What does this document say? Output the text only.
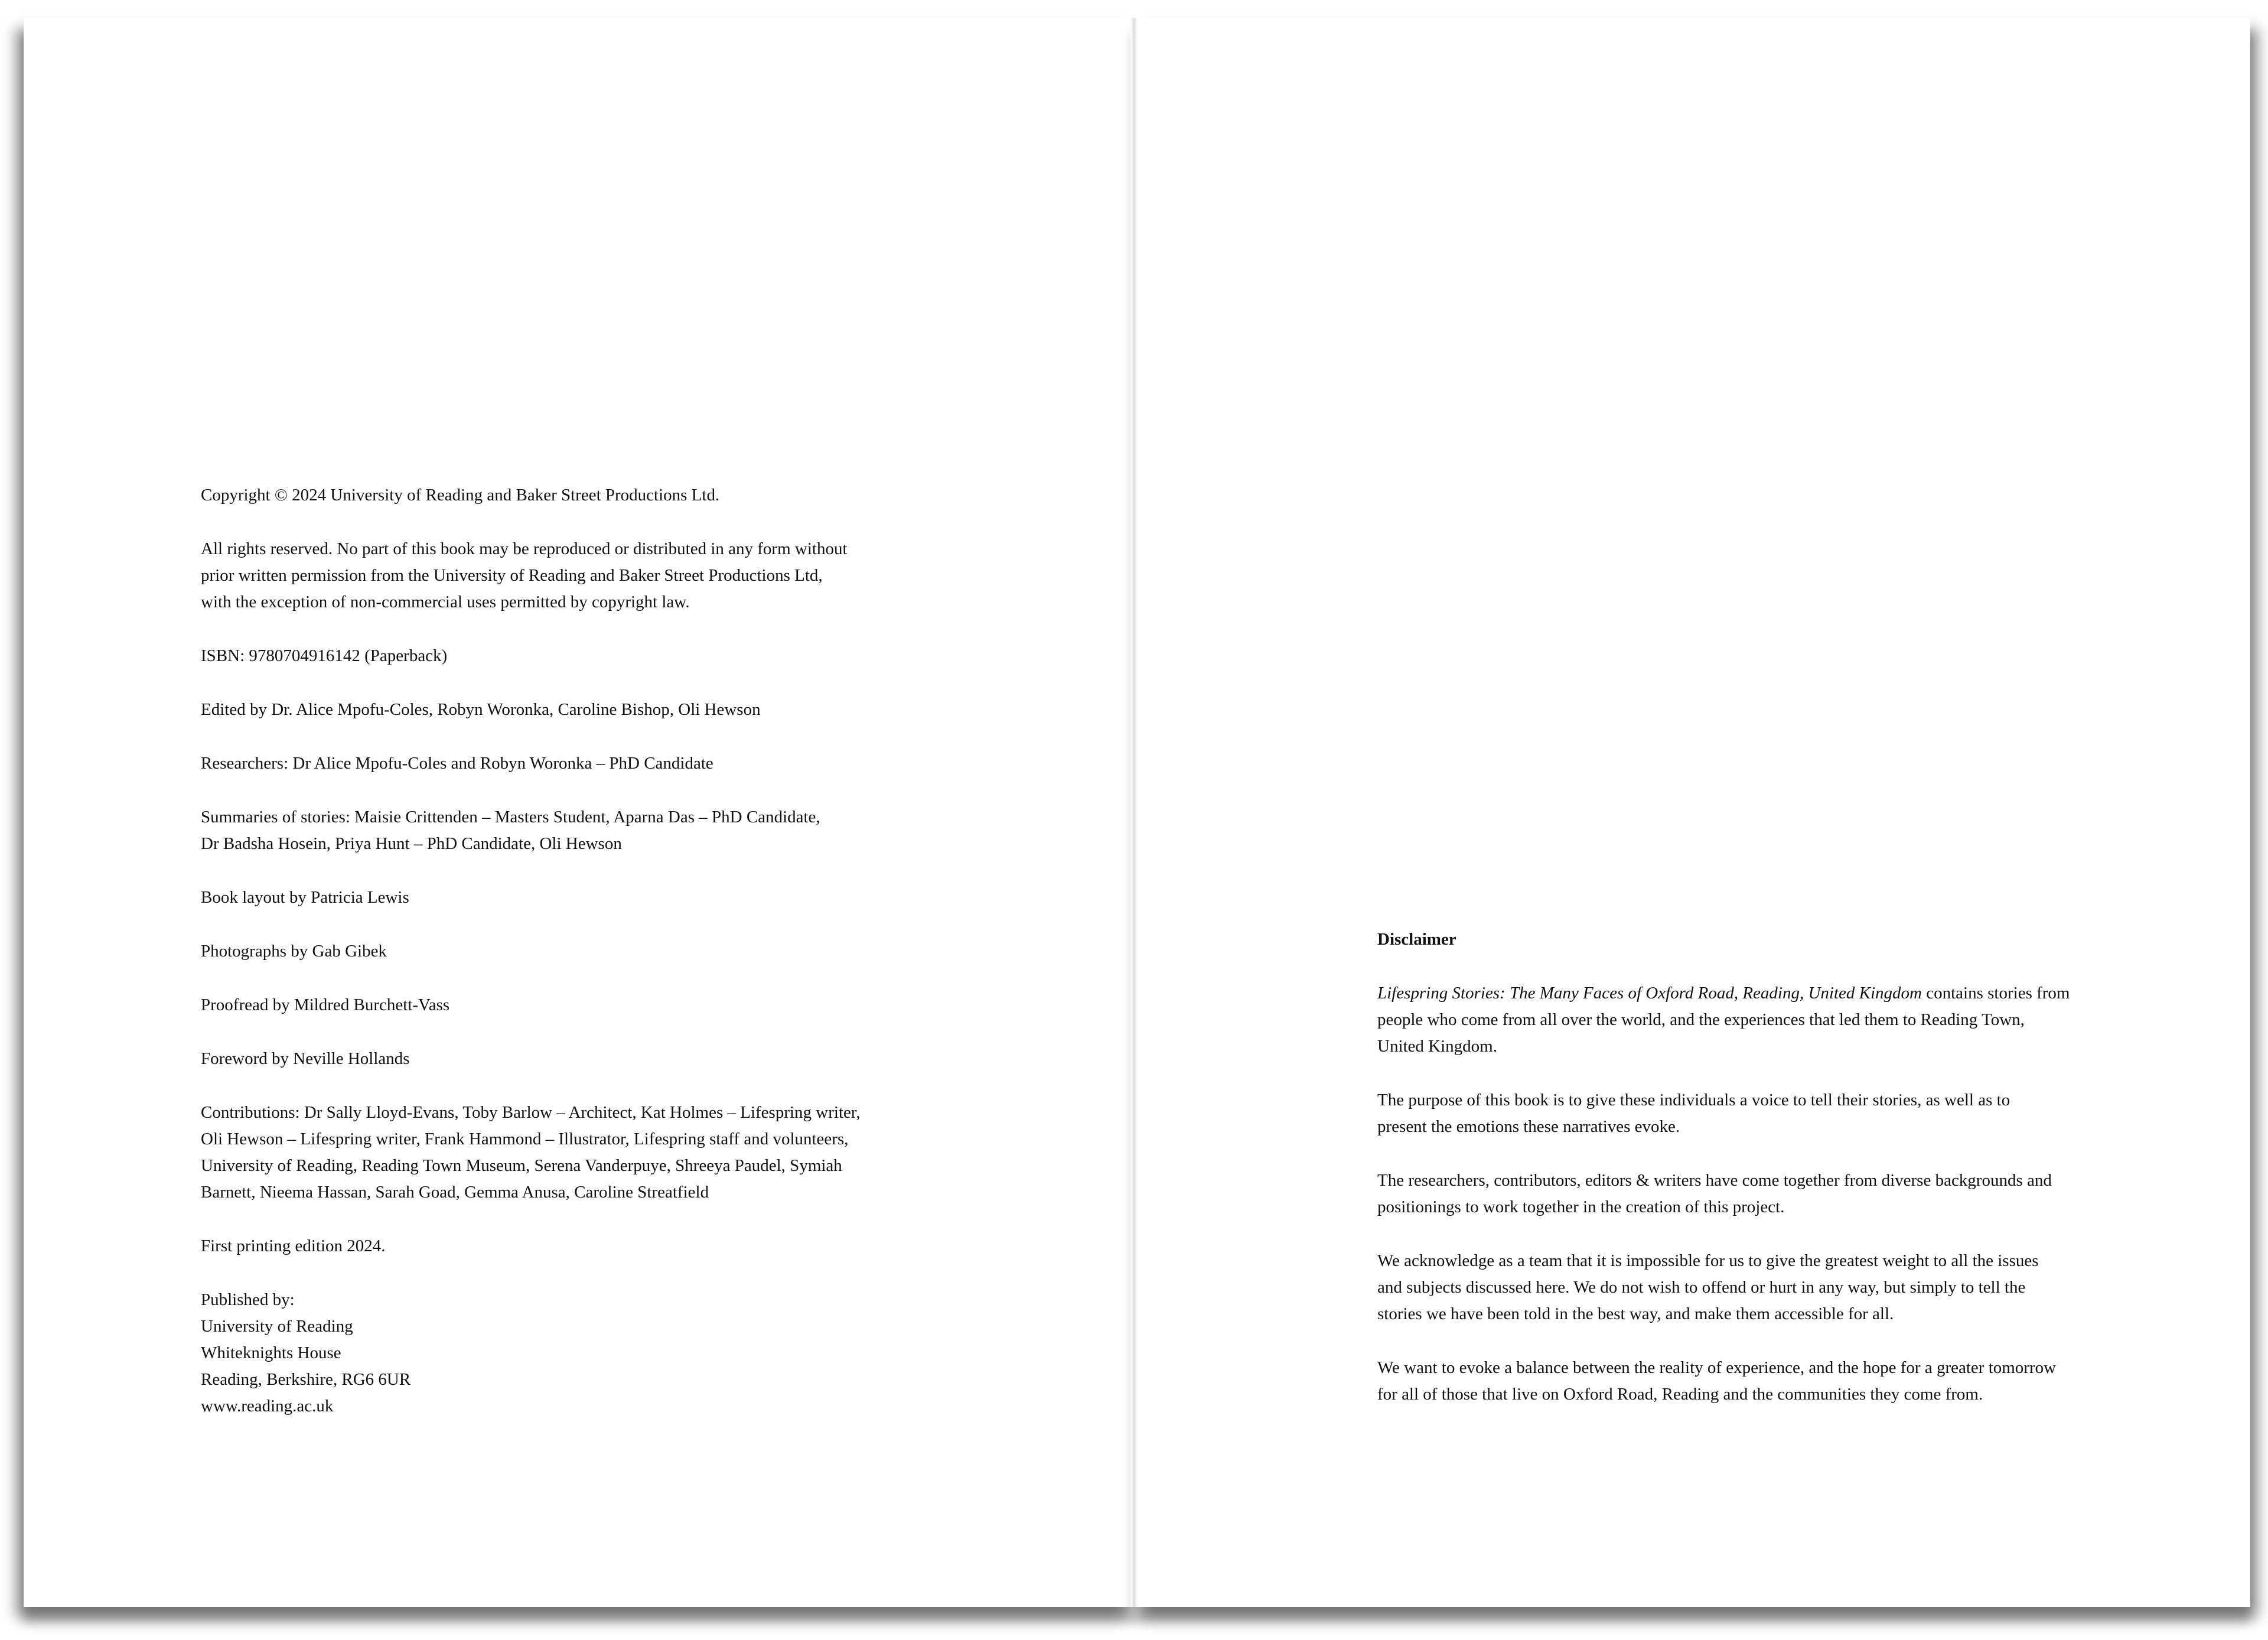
Copyright © 2024 University of Reading and Baker Street Productions Ltd.

All rights reserved. No part of this book may be reproduced or distributed in any form without
prior written permission from the University of Reading and Baker Street Productions Ltd,
with the exception of non-commercial uses permitted by copyright law.

ISBN: 9780704916142 (Paperback)

Edited by Dr. Alice Mpofu-Coles, Robyn Woronka, Caroline Bishop, Oli Hewson

Researchers: Dr Alice Mpofu-Coles and Robyn Woronka – PhD Candidate

Summaries of stories: Maisie Crittenden – Masters Student, Aparna Das – PhD Candidate,
Dr Badsha Hosein, Priya Hunt – PhD Candidate, Oli Hewson

Book layout by Patricia Lewis

Photographs by Gab Gibek

Proofread by Mildred Burchett-Vass

Foreword by Neville Hollands

Contributions: Dr Sally Lloyd-Evans, Toby Barlow – Architect, Kat Holmes – Lifespring writer,
Oli Hewson – Lifespring writer, Frank Hammond – Illustrator, Lifespring staff and volunteers,
University of Reading, Reading Town Museum, Serena Vanderpuye, Shreeya Paudel, Symiah
Barnett, Nieema Hassan, Sarah Goad, Gemma Anusa, Caroline Streatfield

First printing edition 2024.

Published by:
University of Reading
Whiteknights House
Reading, Berkshire, RG6 6UR
www.reading.ac.uk

Disclaimer

Lifespring Stories: The Many Faces of Oxford Road, Reading, United Kingdom contains stories from
people who come from all over the world, and the experiences that led them to Reading Town,
United Kingdom.

The purpose of this book is to give these individuals a voice to tell their stories, as well as to
present the emotions these narratives evoke.

The researchers, contributors, editors & writers have come together from diverse backgrounds and
positionings to work together in the creation of this project.

We acknowledge as a team that it is impossible for us to give the greatest weight to all the issues
and subjects discussed here. We do not wish to offend or hurt in any way, but simply to tell the
stories we have been told in the best way, and make them accessible for all.

We want to evoke a balance between the reality of experience, and the hope for a greater tomorrow
for all of those that live on Oxford Road, Reading and the communities they come from.
